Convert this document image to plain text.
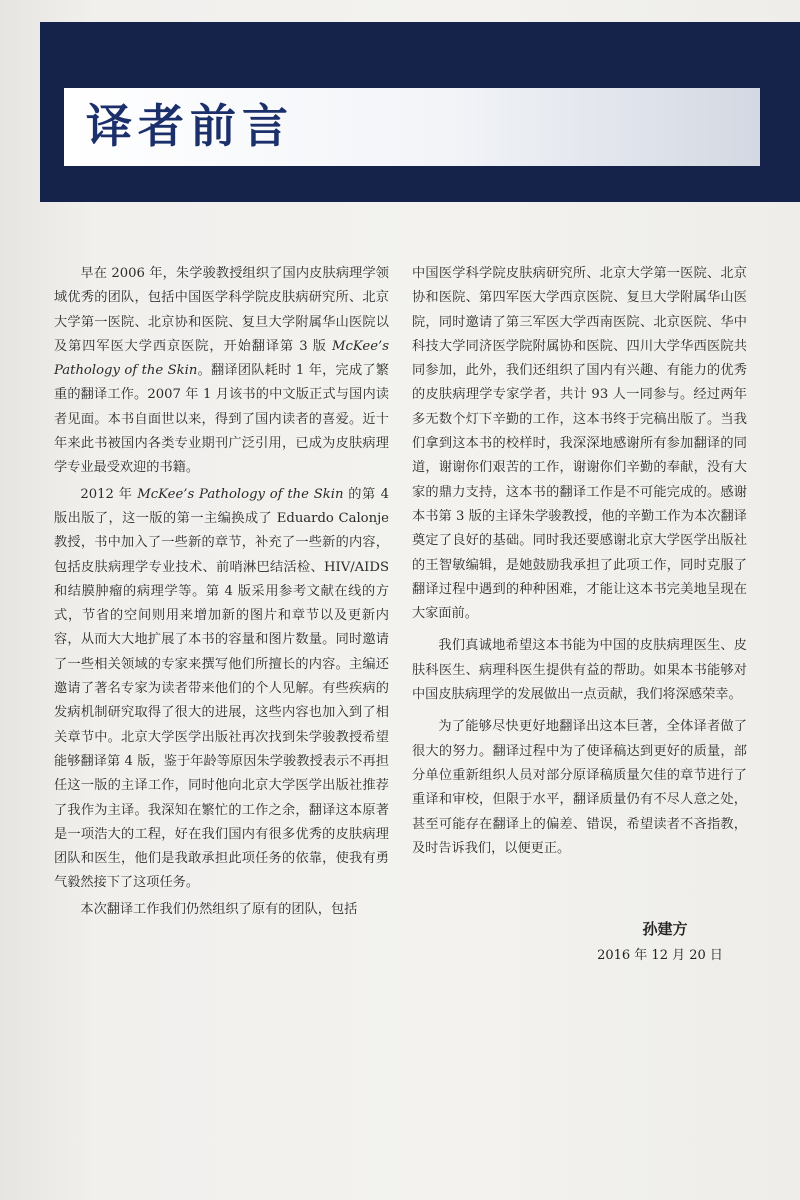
译者前言

早在 2006 年，朱学骏教授组织了国内皮肤病理学领域优秀的团队，包括中国医学科学院皮肤病研究所、北京大学第一医院、北京协和医院、复旦大学附属华山医院以及第四军医大学西京医院，开始翻译第 3 版 McKee’s Pathology of the Skin。翻译团队耗时 1 年，完成了繁重的翻译工作。2007 年 1 月该书的中文版正式与国内读者见面。本书自面世以来，得到了国内读者的喜爱。近十年来此书被国内各类专业期刊广泛引用，已成为皮肤病理学专业最受欢迎的书籍。

2012 年 McKee’s Pathology of the Skin 的第 4 版出版了，这一版的第一主编换成了 Eduardo Calonje 教授，书中加入了一些新的章节，补充了一些新的内容，包括皮肤病理学专业技术、前哨淋巴结活检、HIV/AIDS 和结膜肿瘤的病理学等。第 4 版采用参考文献在线的方式，节省的空间则用来增加新的图片和章节以及更新内容，从而大大地扩展了本书的容量和图片数量。同时邀请了一些相关领域的专家来撰写他们所擅长的内容。主编还邀请了著名专家为读者带来他们的个人见解。有些疾病的发病机制研究取得了很大的进展，这些内容也加入到了相关章节中。北京大学医学出版社再次找到朱学骏教授希望能够翻译第 4 版，鉴于年龄等原因朱学骏教授表示不再担任这一版的主译工作，同时他向北京大学医学出版社推荐了我作为主译。我深知在繁忙的工作之余，翻译这本原著是一项浩大的工程，好在我们国内有很多优秀的皮肤病理团队和医生，他们是我敢承担此项任务的依靠，使我有勇气毅然接下了这项任务。

本次翻译工作我们仍然组织了原有的团队，包括

中国医学科学院皮肤病研究所、北京大学第一医院、北京协和医院、第四军医大学西京医院、复旦大学附属华山医院，同时邀请了第三军医大学西南医院、北京医院、华中科技大学同济医学院附属协和医院、四川大学华西医院共同参加，此外，我们还组织了国内有兴趣、有能力的优秀的皮肤病理学专家学者，共计 93 人一同参与。经过两年多无数个灯下辛勤的工作，这本书终于完稿出版了。当我们拿到这本书的校样时，我深深地感谢所有参加翻译的同道，谢谢你们艰苦的工作，谢谢你们辛勤的奉献，没有大家的鼎力支持，这本书的翻译工作是不可能完成的。感谢本书第 3 版的主译朱学骏教授，他的辛勤工作为本次翻译奠定了良好的基础。同时我还要感谢北京大学医学出版社的王智敏编辑，是她鼓励我承担了此项工作，同时克服了翻译过程中遇到的种种困难，才能让这本书完美地呈现在大家面前。

我们真诚地希望这本书能为中国的皮肤病理医生、皮肤科医生、病理科医生提供有益的帮助。如果本书能够对中国皮肤病理学的发展做出一点贡献，我们将深感荣幸。

为了能够尽快更好地翻译出这本巨著，全体译者做了很大的努力。翻译过程中为了使译稿达到更好的质量，部分单位重新组织人员对部分原译稿质量欠佳的章节进行了重译和审校，但限于水平，翻译质量仍有不尽人意之处，甚至可能存在翻译上的偏差、错误，希望读者不吝指教，及时告诉我们，以便更正。

孙建方
2016 年 12 月 20 日
